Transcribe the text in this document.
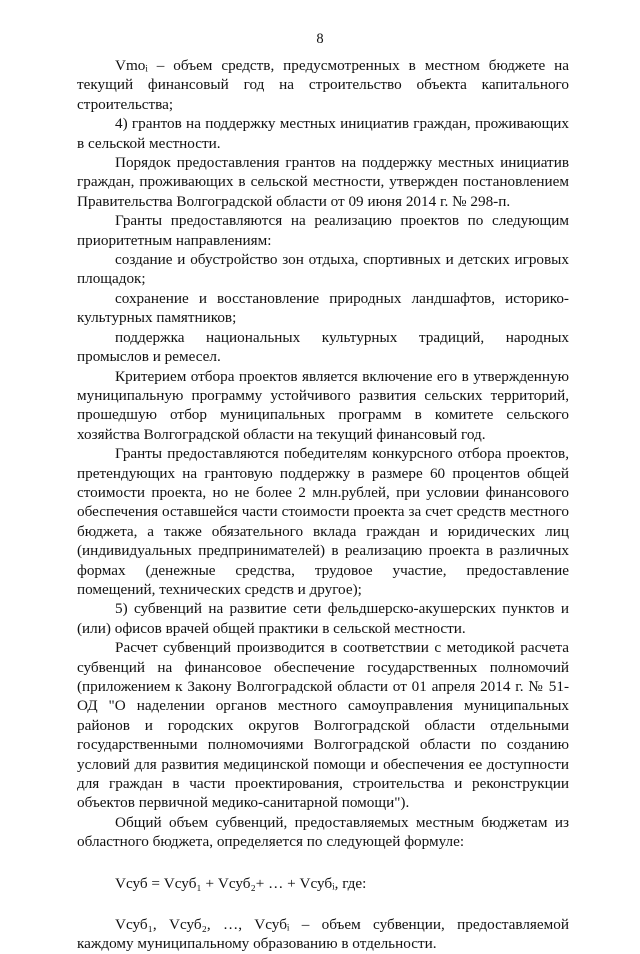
8

Vmoᵢ – объем средств, предусмотренных в местном бюджете на текущий финансовый год на строительство объекта капитального строительства;

4) грантов на поддержку местных инициатив граждан, проживающих в сельской местности.

Порядок предоставления грантов на поддержку местных инициатив граждан, проживающих в сельской местности, утвержден постановлением Правительства Волгоградской области от 09 июня 2014 г. № 298-п.

Гранты предоставляются на реализацию проектов по следующим приоритетным направлениям:

создание и обустройство зон отдыха, спортивных и детских игровых площадок;

сохранение и восстановление природных ландшафтов, историко-культурных памятников;

поддержка национальных культурных традиций, народных промыслов и ремесел.

Критерием отбора проектов является включение его в утвержденную муниципальную программу устойчивого развития сельских территорий, прошедшую отбор муниципальных программ в комитете сельского хозяйства Волгоградской области на текущий финансовый год.

Гранты предоставляются победителям конкурсного отбора проектов, претендующих на грантовую поддержку в размере 60 процентов общей стоимости проекта, но не более 2 млн.рублей, при условии финансового обеспечения оставшейся части стоимости проекта за счет средств местного бюджета, а также обязательного вклада граждан и юридических лиц (индивидуальных предпринимателей) в реализацию проекта в различных формах (денежные средства, трудовое участие, предоставление помещений, технических средств и другое);

5) субвенций на развитие сети фельдшерско-акушерских пунктов и (или) офисов врачей общей практики в сельской местности.

Расчет субвенций производится в соответствии с методикой расчета субвенций на финансовое обеспечение государственных полномочий (приложением к Закону Волгоградской области от 01 апреля 2014 г. № 51-ОД "О наделении органов местного самоуправления муниципальных районов и городских округов Волгоградской области отдельными государственными полномочиями Волгоградской области по созданию условий для развития медицинской помощи и обеспечения ее доступности для граждан в части проектирования, строительства и реконструкции объектов первичной медико-санитарной помощи").

Общий объем субвенций, предоставляемых местным бюджетам из областного бюджета, определяется по следующей формуле:

Vсуб = Vсуб₁ + Vсуб₂+ … + Vсубᵢ, где:

Vсуб₁, Vсуб₂, …, Vсубᵢ – объем субвенции, предоставляемой каждому муниципальному образованию в отдельности.
